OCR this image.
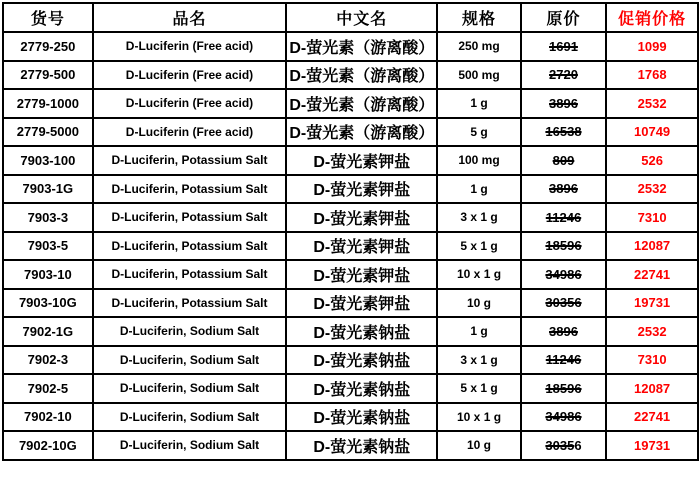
货号	品名	中文名	规格	原价	促销价格
2779-250	D-Luciferin (Free acid)	D-萤光素（游离酸）	250 mg	1691	1099
2779-500	D-Luciferin (Free acid)	D-萤光素（游离酸）	500 mg	2720	1768
2779-1000	D-Luciferin (Free acid)	D-萤光素（游离酸）	1 g	3896	2532
2779-5000	D-Luciferin (Free acid)	D-萤光素（游离酸）	5 g	16538	10749
7903-100	D-Luciferin, Potassium Salt	D-萤光素钾盐	100 mg	809	526
7903-1G	D-Luciferin, Potassium Salt	D-萤光素钾盐	1 g	3896	2532
7903-3	D-Luciferin, Potassium Salt	D-萤光素钾盐	3 x 1 g	11246	7310
7903-5	D-Luciferin, Potassium Salt	D-萤光素钾盐	5 x 1 g	18596	12087
7903-10	D-Luciferin, Potassium Salt	D-萤光素钾盐	10 x 1 g	34986	22741
7903-10G	D-Luciferin, Potassium Salt	D-萤光素钾盐	10 g	30356	19731
7902-1G	D-Luciferin, Sodium Salt	D-萤光素钠盐	1 g	3896	2532
7902-3	D-Luciferin, Sodium Salt	D-萤光素钠盐	3 x 1 g	11246	7310
7902-5	D-Luciferin, Sodium Salt	D-萤光素钠盐	5 x 1 g	18596	12087
7902-10	D-Luciferin, Sodium Salt	D-萤光素钠盐	10 x 1 g	34986	22741
7902-10G	D-Luciferin, Sodium Salt	D-萤光素钠盐	10 g	30356	19731
